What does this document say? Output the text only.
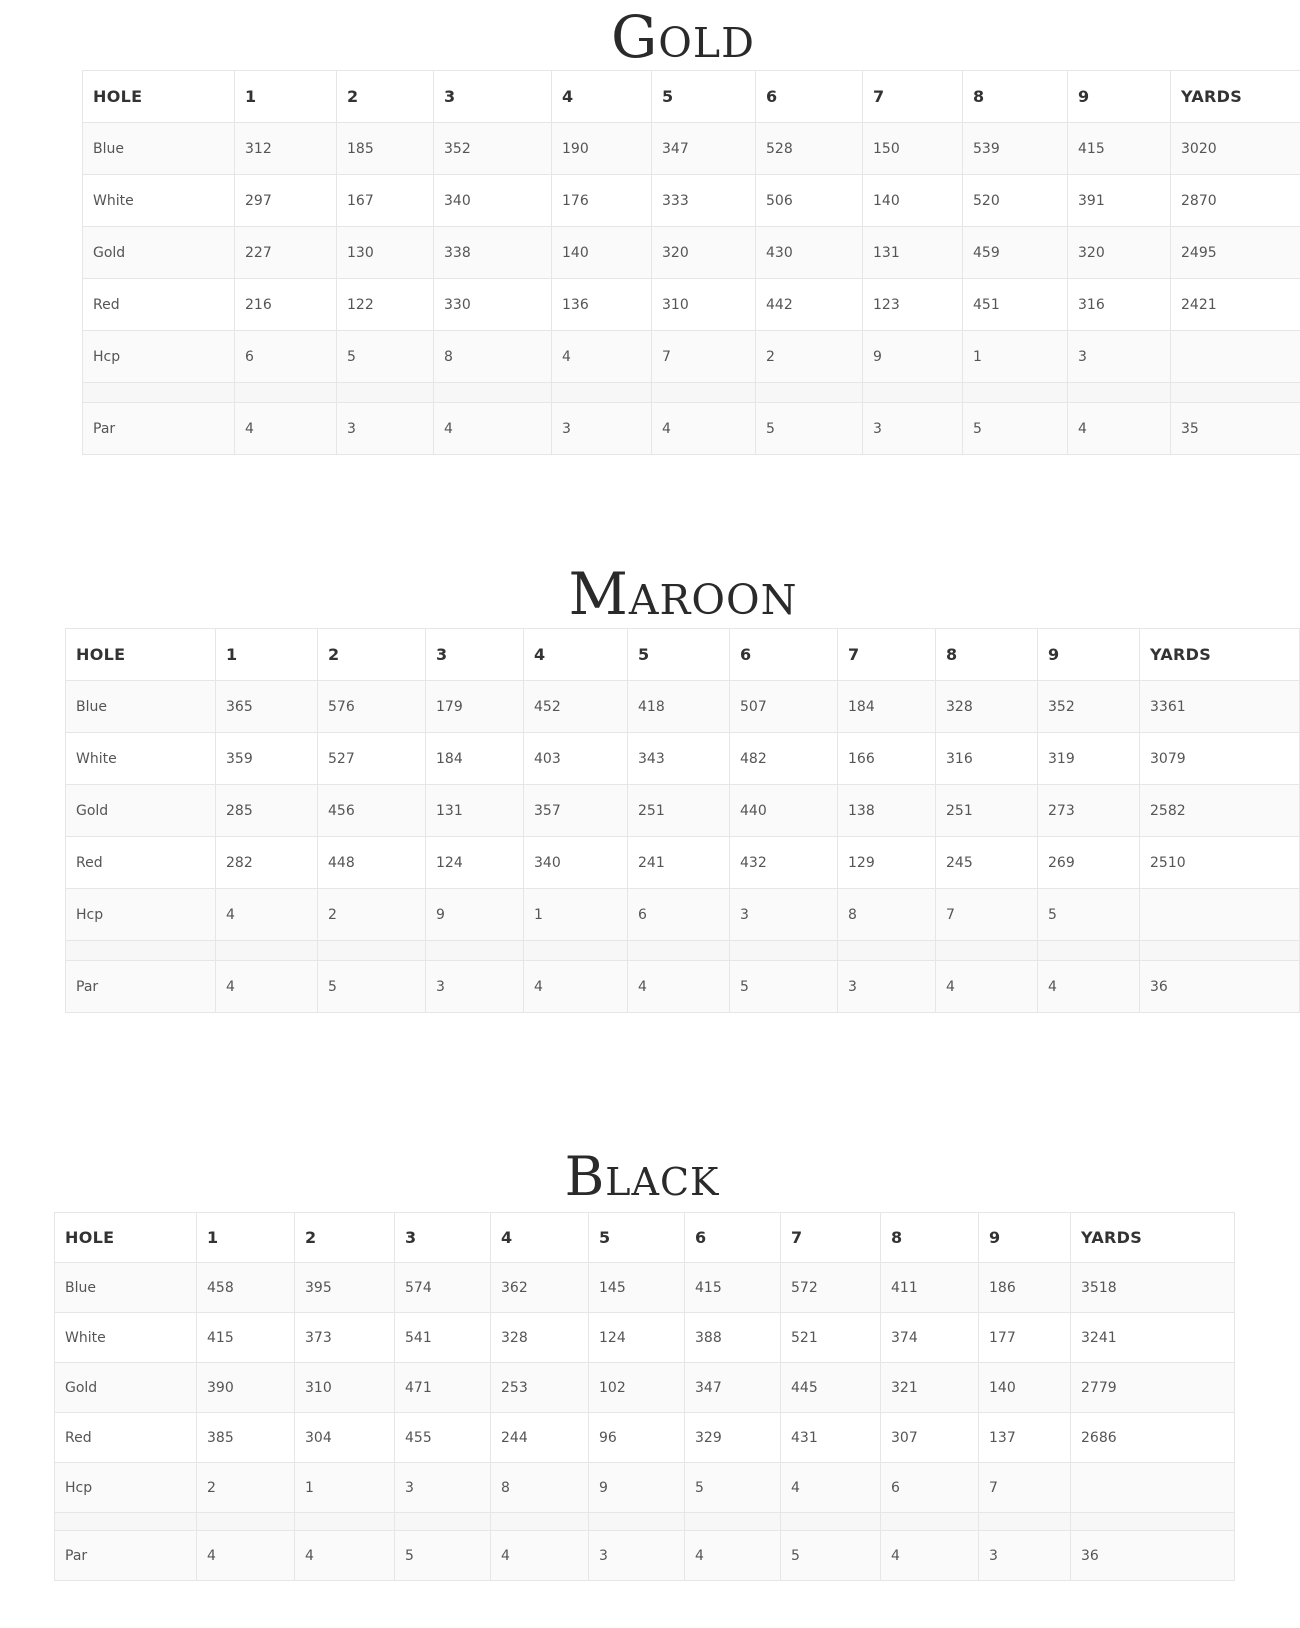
Gold
HOLE	1	2	3	4	5	6	7	8	9	YARDS
Blue	312	185	352	190	347	528	150	539	415	3020
White	297	167	340	176	333	506	140	520	391	2870
Gold	227	130	338	140	320	430	131	459	320	2495
Red	216	122	330	136	310	442	123	451	316	2421
Hcp	6	5	8	4	7	2	9	1	3	

Par	4	3	4	3	4	5	3	5	4	35
Maroon
HOLE	1	2	3	4	5	6	7	8	9	YARDS
Blue	365	576	179	452	418	507	184	328	352	3361
White	359	527	184	403	343	482	166	316	319	3079
Gold	285	456	131	357	251	440	138	251	273	2582
Red	282	448	124	340	241	432	129	245	269	2510
Hcp	4	2	9	1	6	3	8	7	5	

Par	4	5	3	4	4	5	3	4	4	36
Black
HOLE	1	2	3	4	5	6	7	8	9	YARDS
Blue	458	395	574	362	145	415	572	411	186	3518
White	415	373	541	328	124	388	521	374	177	3241
Gold	390	310	471	253	102	347	445	321	140	2779
Red	385	304	455	244	96	329	431	307	137	2686
Hcp	2	1	3	8	9	5	4	6	7	

Par	4	4	5	4	3	4	5	4	3	36
